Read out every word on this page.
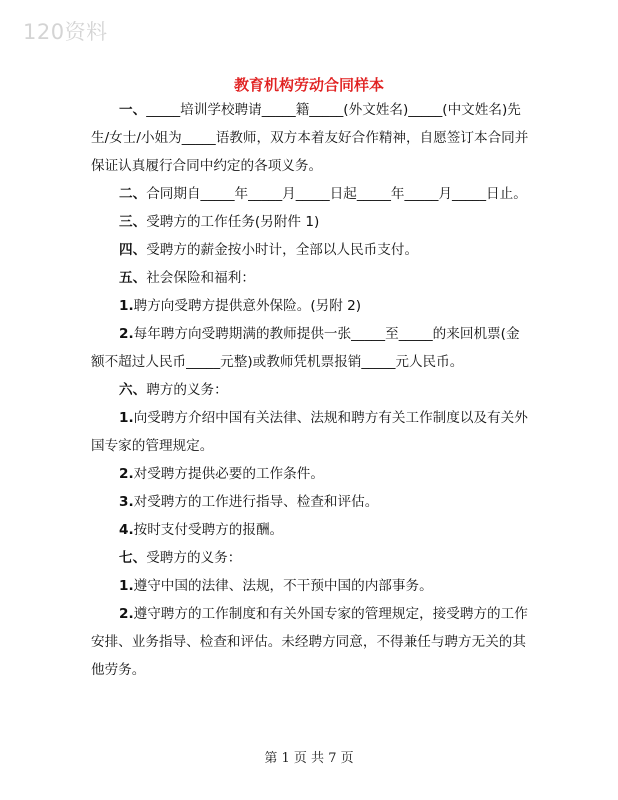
120资料
教育机构劳动合同样本

一、_____培训学校聘请_____籍_____(外文姓名)_____(中文姓名)先生/女士/小姐为_____语教师，双方本着友好合作精神，自愿签订本合同并保证认真履行合同中约定的各项义务。

二、合同期自_____年_____月_____日起_____年_____月_____日止。

三、受聘方的工作任务(另附件 1)

四、受聘方的薪金按小时计，全部以人民币支付。

五、社会保险和福利：

1.聘方向受聘方提供意外保险。(另附 2)

2.每年聘方向受聘期满的教师提供一张_____至_____的来回机票(金额不超过人民币_____元整)或教师凭机票报销_____元人民币。

六、聘方的义务：

1.向受聘方介绍中国有关法律、法规和聘方有关工作制度以及有关外国专家的管理规定。

2.对受聘方提供必要的工作条件。

3.对受聘方的工作进行指导、检查和评估。

4.按时支付受聘方的报酬。

七、受聘方的义务：

1.遵守中国的法律、法规，不干预中国的内部事务。

2.遵守聘方的工作制度和有关外国专家的管理规定，接受聘方的工作安排、业务指导、检查和评估。未经聘方同意，不得兼任与聘方无关的其他劳务。

第 1 页 共 7 页
